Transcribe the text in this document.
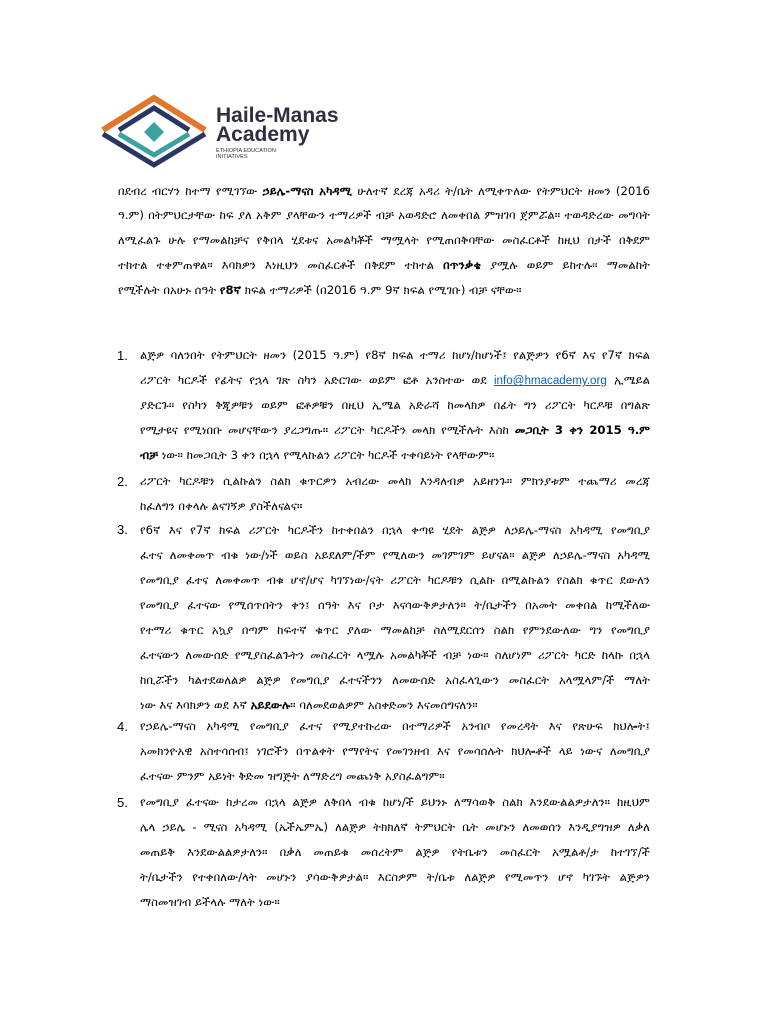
Haile-Manas
Academy
ETHIOPIA EDUCATION
INITIATIVES
በደብረ ብርሃን ከተማ የሚገኘው ኃይሌ-ማናስ አካዳሚ ሁለተኛ ደረጃ አዳሪ ት/ቤት ለሚቀጥለው የትምህርት ዘመን (2016
ዓ.ም) በትምህርታቸው ከፍ ያለ አቅም ያላቸውን ተማሪዎች ብቻ አወዳድሮ ለመቀበል ምዝገባ ጀምሯል። ተወዳድረው መግባት
ለሚፈልጉ ሁሉ የማመልከቻና የቅበላ ሂደቱና አመልካቾች ማሟላት የሚጠበቅባቸው መስፈርቶች ከዚህ በታች በቅደም
ተከተል ተቀምጠዋል። እባክዎን እነዚህን መስፈርቶች በቅደም ተከተል በጥንቃቄ ያሟሉ ወይም ይከተሉ፡፡ ማመልከት
የሚችሉት በአሁኑ ሰዓት የ8ኛ ክፍል ተማሪዎች (በ2016 ዓ.ም 9ኛ ክፍል የሚገቡ) ብቻ ናቸው።
1.	ልጅዎ ባለንበት የትምህርት ዘመን (2015 ዓ.ም) የ8ኛ ክፍል ተማሪ ከሆነ/ከሆነች፤ የልጅዎን የ6ኛ እና የ7ኛ ክፍል
ሪፖርት ካርዶች የፊትና የኋላ ገጽ ስካን አድርገው ወይም ፎቶ አንስተው ወደ info@hmacademy.org ኢሜይል
ያድርጉ፡፡ የስካን ቅጂዎቹን ወይም ፎቶዎቹን በዚህ ኢሜል አድራሻ ከመላክዎ በፊት ግን ሪፖርት ካርዶቹ በግልጽ
የሚታዩና የሚነበቡ መሆናቸውን ያረጋግጡ። ሪፖርት ካርዶችን መላክ የሚችሉት እስከ መጋቢት 3 ቀን 2015 ዓ.ም
ብቻ ነው። ከመጋቢት 3 ቀን በኋላ የሚላኩልን ሪፖርት ካርዶች ተቀባይነት የላቸውም።
2.	ሪፖርት ካርዶቹን ሲልኩልን ስልክ ቁጥርዎን አብረው መላክ እንዳለብዎ አይዘንጉ። ምክንያቱም ተጨማሪ መረጃ
ከፈለግን በቀላሉ ልናገኝዎ ያስችለናልና።
3.	የ6ኛ እና የ7ኛ ክፍል ሪፖርት ካርዶችን ከተቀበልን በኋላ ቀጣዩ ሂደት ልጅዎ ለኃይሌ-ማናስ አካዳሚ የመግቢያ
ፈተና ለመቀመጥ ብቁ ነው/ነች ወይስ አይደለም/ችም የሚለውን መገምገም ይሆናል። ልጅዎ ለኃይሌ-ማናስ አካዳሚ
የመግቢያ ፈተና ለመቀመጥ ብቁ ሆኖ/ሆና ካገኘነው/ናት ሪፖርት ካርዶቹን ሲልኩ በሚልኩልን የስልክ ቁጥር ደውለን
የመግቢያ ፈተናው የሚሰጥበትን ቀን፤ ሰዓት እና ቦታ እናሳውቅዎታለን። ት/ቤታችን በአመት መቀበል ከሚችለው
የተማሪ ቁጥር አኳያ በጣም ከፍተኛ ቁጥር ያለው ማመልከቻ ስለሚደርሰን ስልክ የምንደውለው ግን የመግቢያ
ፈተናውን ለመውሰድ የሚያስፈልጉትን መስፈርት ላሟሉ አመልካቾች ብቻ ነው። ስለሆነም ሪፖርት ካርድ ከላኩ በኋላ
ከቢሯችን ካልተደወለልዎ ልጅዎ የመግቢያ ፈተናችንን ለመውሰድ አስፈላጊውን መስፈርት አላሟላም/ች ማለት
ነው እና እባክዎን ወደ እኛ አይደውሉ። ባለመደወልዎም አስቀድመን እናመሰግናለን።
4.	የኃይሌ-ማናስ አካዳሚ የመግቢያ ፈተና የሚያተኩረው በተማሪዎች አንብቦ የመረዳት እና የጽሁፍ ክህሎት፤
አመክንዮአዊ አስተሳሰብ፤ ነገሮችን በጥልቀት የማየትና የመገንዘብ እና የመሳሰሉት ክህሎቶች ላይ ነውና ለመግቢያ
ፈተናው ምንም አይነት ቅድመ ዝግጅት ለማድረግ መጨነቅ አያስፈልግም።
5.	የመግቢያ ፈተናው ከታረመ በኋላ ልጅዎ ለቅበላ ብቁ ከሆነ/ች ይህንኑ ለማሳወቅ ስልክ እንደውልልዎታለን። ከዚህም
ሌላ ኃይሌ - ሚናስ አካዳሚ (ኤችኤምኤ) ለልጅዎ ትክክለኛ ትምህርት ቤት መሆኑን ለመወሰን እንዲያግዝዎ ለቃለ
መጠይቅ እንደውልልዎታለን። በቃለ መጠይቁ መሰረትም ልጅዎ የትቤቱን መስፈርት አሟልቶ/ታ ከተገኘ/ች
ት/ቤታችን የተቀበለው/ላት መሆኑን ያሳውቅዎታል። እርስዎም ት/ቤቱ ለልጅዎ የሚመጥን ሆኖ ካገኙት ልጅዎን
ማስመዝገብ ይችላሉ ማለት ነው።
